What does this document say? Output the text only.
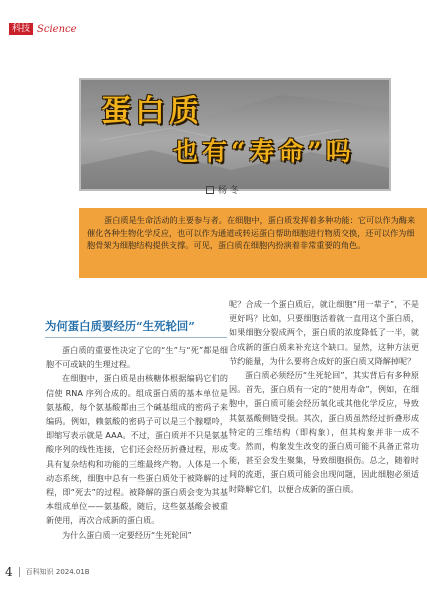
科技 Science
蛋白质
也有“寿命”吗
杨 冬
蛋白质是生命活动的主要参与者。在细胞中，蛋白质发挥着多种功能：它可以作为酶来催化各种生物化学反应，也可以作为通道或转运蛋白帮助细胞进行物质交换，还可以作为细胞骨架为细胞结构提供支撑。可见，蛋白质在细胞内扮演着非常重要的角色。
为何蛋白质要经历“生死轮回”

蛋白质的重要性决定了它的“生”与“死”都是细胞不可或缺的生理过程。

在细胞中，蛋白质是由核糖体根据编码它们的信使 RNA 序列合成的。组成蛋白质的基本单位是氨基酸，每个氨基酸都由三个碱基组成的密码子来编码。例如，赖氨酸的密码子可以是三个腺嘌呤，即缩写表示就是 AAA。不过，蛋白质并不只是氨基酸序列的线性连接，它们还会经历折叠过程，形成具有复杂结构和功能的三维最终产物。人体是一个动态系统，细胞中总有一些蛋白质处于被降解的过程，即“死去”的过程。被降解的蛋白质会变为其基本组成单位——氨基酸，随后，这些氨基酸会被重新使用，再次合成新的蛋白质。

为什么蛋白质一定要经历“生死轮回”

呢？合成一个蛋白质后，就让细胞“用一辈子”，不是更好吗？比如，只要细胞活着就一直用这个蛋白质，如果细胞分裂成两个，蛋白质的浓度降低了一半，就合成新的蛋白质来补充这个缺口。显然，这种方法更节约能量，为什么要将合成好的蛋白质又降解掉呢？

蛋白质必须经历“生死轮回”，其实背后有多种原因。首先，蛋白质有一定的“使用寿命”，例如，在细胞中，蛋白质可能会经历氧化或其他化学反应，导致其氨基酸侧链受损。其次，蛋白质虽然经过折叠形成特定的三维结构（即构象），但其构象并非一成不变。然而，构象发生改变的蛋白质可能不具备正常功能，甚至会发生聚集，导致细胞损伤。总之，随着时间的流逝，蛋白质可能会出现问题，因此细胞必须适时降解它们，以便合成新的蛋白质。

4 百科知识 2024.01B
